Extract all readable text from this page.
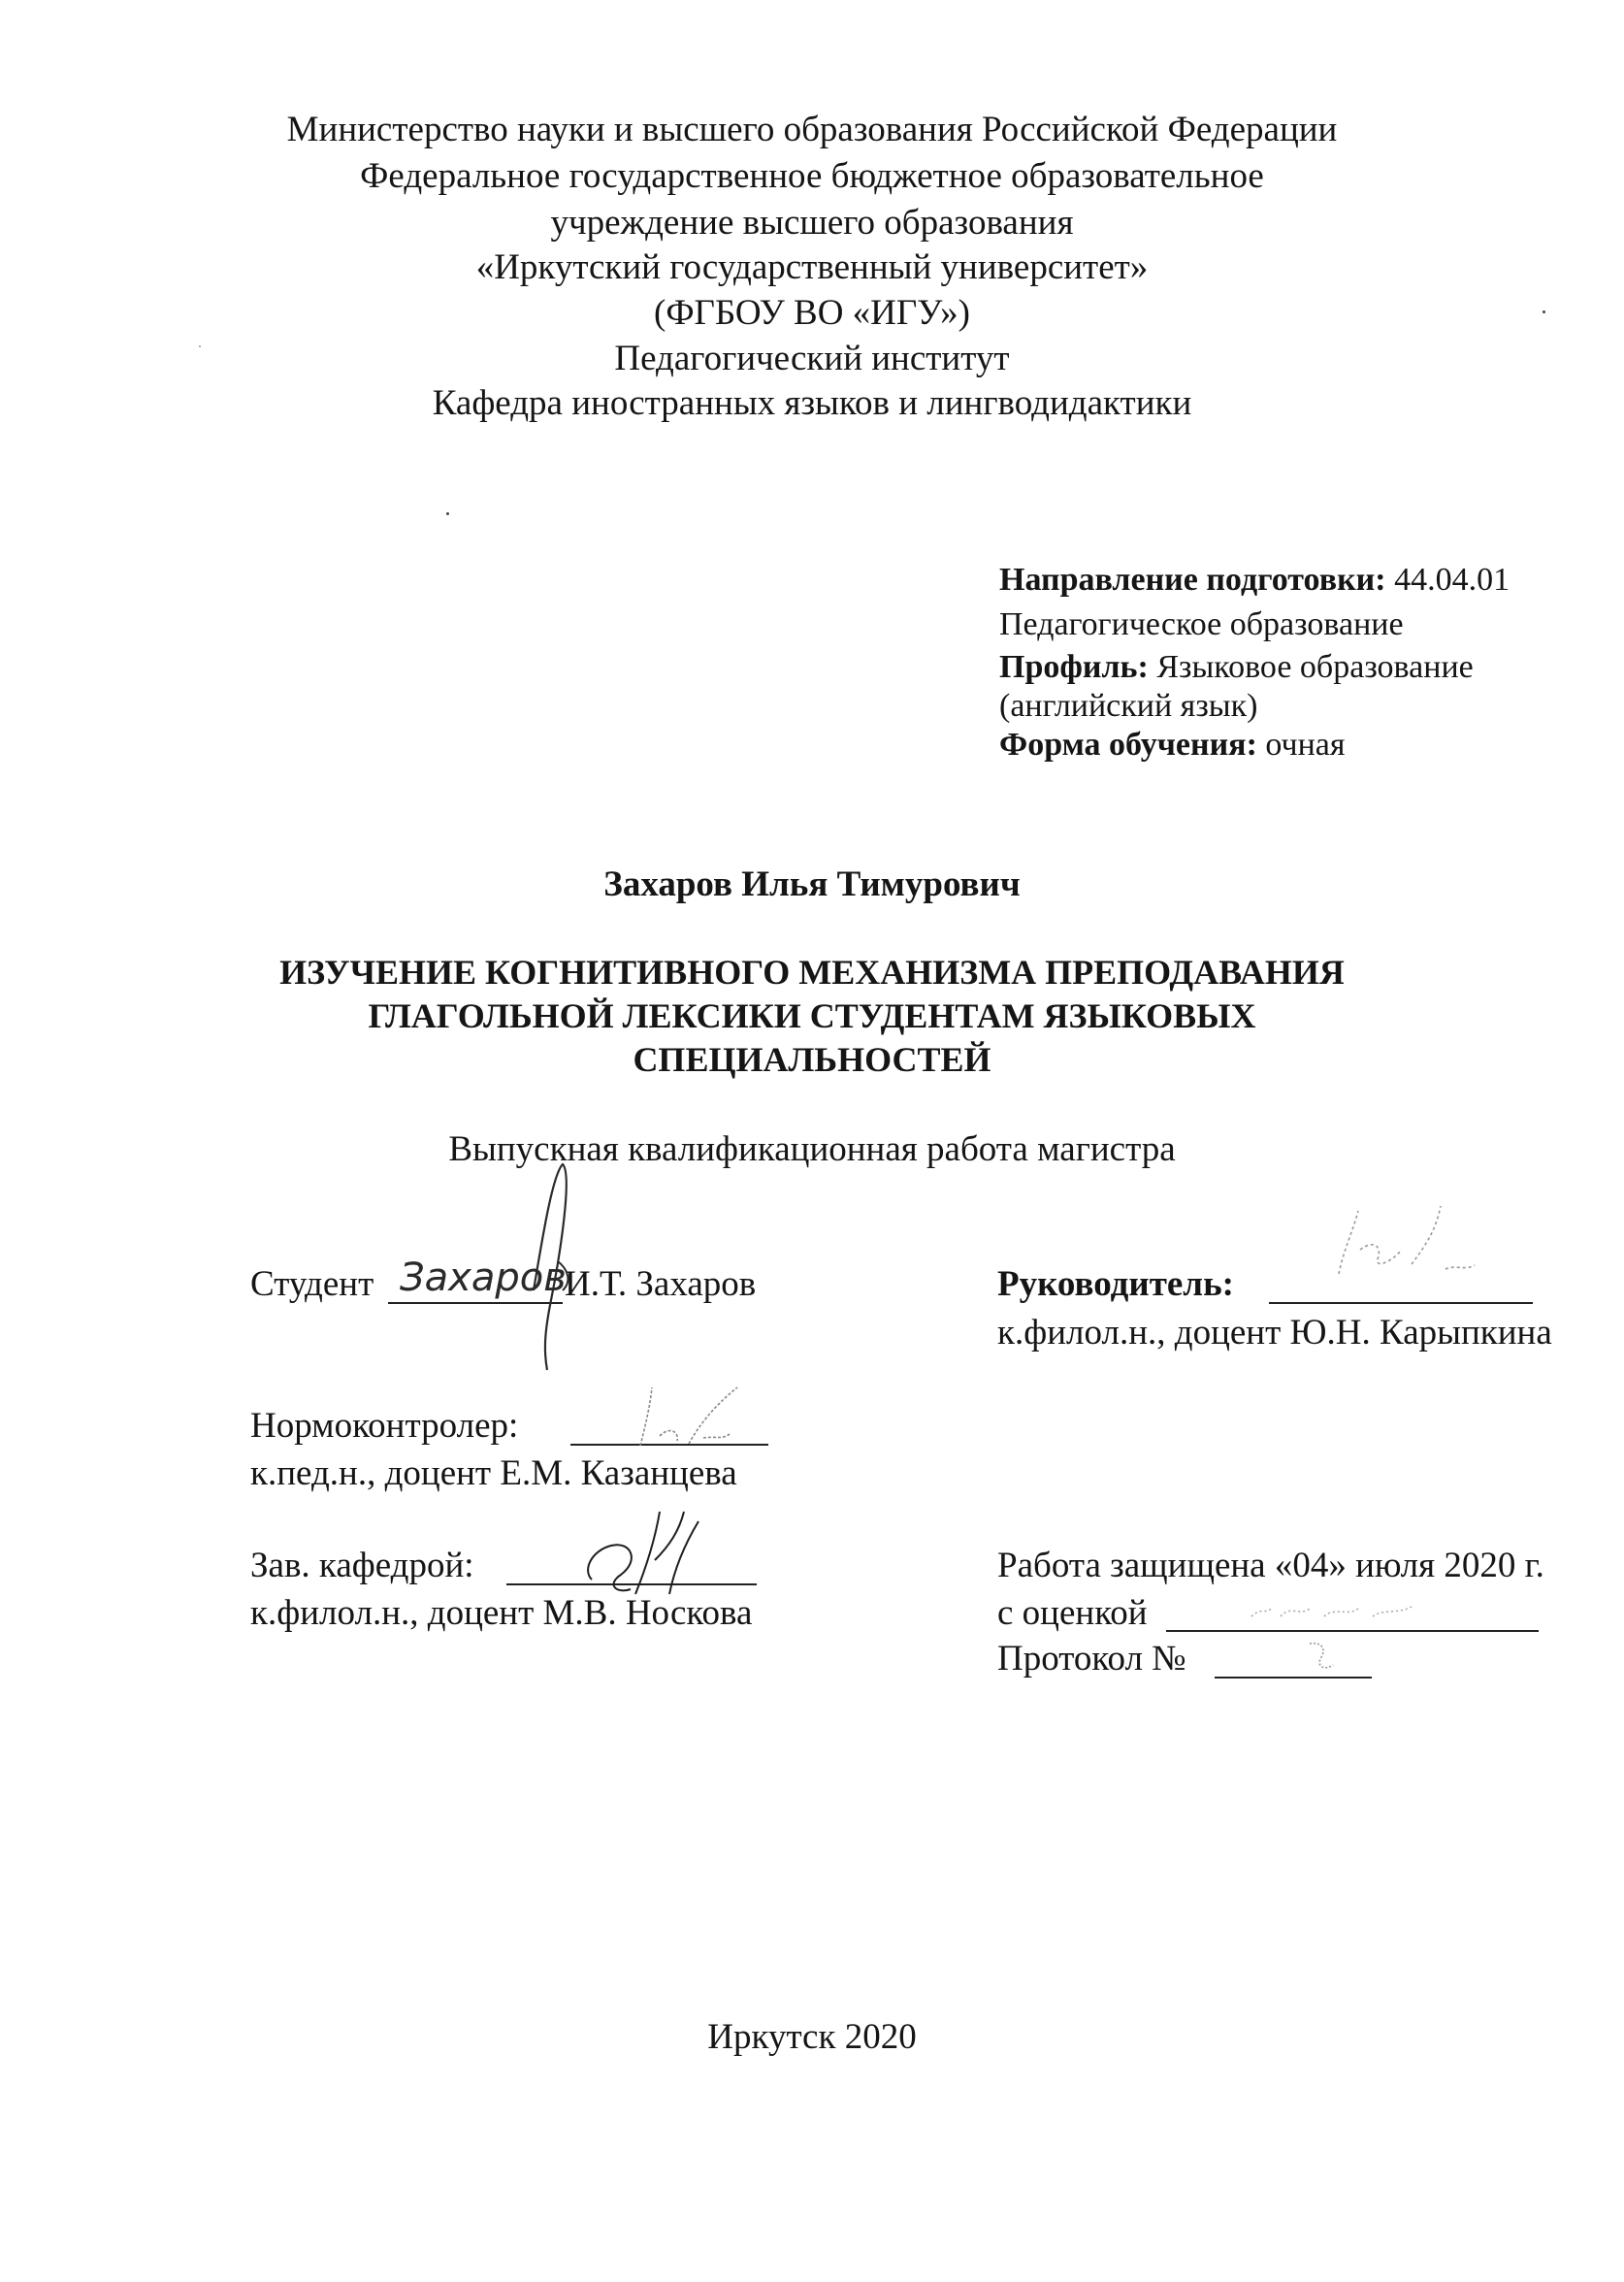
Министерство науки и высшего образования Российской Федерации
Федеральное государственное бюджетное образовательное
учреждение высшего образования
«Иркутский государственный университет»
(ФГБОУ ВО «ИГУ»)
Педагогический институт
Кафедра иностранных языков и лингводидактики
Направление подготовки: 44.04.01
Педагогическое образование
Профиль: Языковое образование
(английский язык)
Форма обучения: очная
Захаров Илья Тимурович
ИЗУЧЕНИЕ КОГНИТИВНОГО МЕХАНИЗМА ПРЕПОДАВАНИЯ
ГЛАГОЛЬНОЙ ЛЕКСИКИ СТУДЕНТАМ ЯЗЫКОВЫХ
СПЕЦИАЛЬНОСТЕЙ
Выпускная квалификационная работа магистра
Студент	И.Т. Захаров
Захаров	Руководитель:
к.филол.н., доцент Ю.Н. Карыпкина
Нормоконтролер:
к.пед.н., доцент Е.М. Казанцева
Зав. кафедрой:
к.филол.н., доцент М.В. Носкова
Работа защищена «04» июля 2020 г.
с оценкой
Протокол №
Иркутск 2020
